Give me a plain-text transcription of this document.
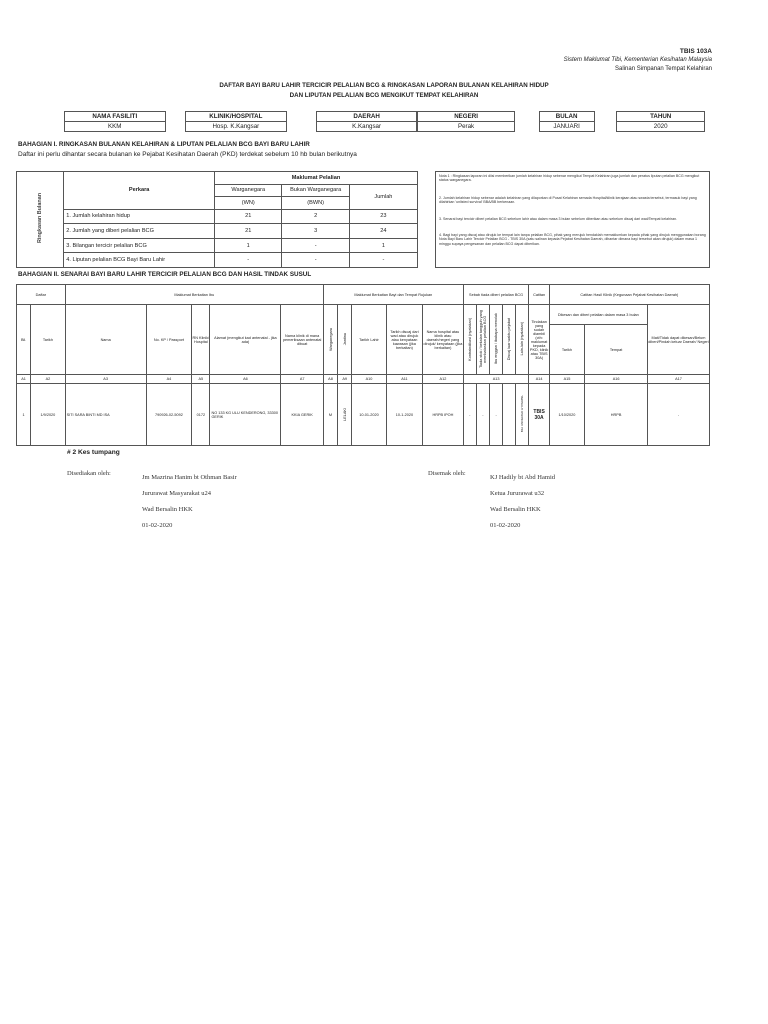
TBIS 103A
Sistem Maklumat Tibi, Kementerian Kesihatan Malaysia
Salinan Simpanan Tempat Kelahiran
DAFTAR BAYI BARU LAHIR TERCICIR PELALIAN BCG & RINGKASAN LAPORAN BULANAN KELAHIRAN HIDUP
DAN LIPUTAN PELALIAN BCG MENGIKUT TEMPAT KELAHIRAN
NAMA FASILITI		KLINIK/HOSPITAL		DAERAH		NEGERI		BULAN		TAHUN
KKM		Hosp. K.Kangsar		K.Kangsar		Perak		JANUARI		2020
BAHAGIAN I. RINGKASAN BULANAN KELAHIRAN & LIPUTAN PELALIAN BCG BAYI BARU LAHIR
Daftar ini perlu dihantar secara bulanan ke Pejabat Kesihatan Daerah (PKD) terdekat sebelum 10 hb bulan berikutnya
Ringkasan Bulanan	Perkara	Maklumat Pelalian		
		Warganegara	Bukan Warganegara	Jumlah
		(WN)	(BWN)	
	1. Jumlah kelahiran hidup	21	2	23
	2. Jumlah yang diberi pelalian BCG	21	3	24
	3. Bilangan tercicir pelalian BCG	1	-	1
	4. Liputan pelalian BCG Bayi Baru Lahir	-	-	-
Nota 1 : Ringkasan laporan ini diisi memberikan jumlah kelahiran hidup sebenar mengikut Tempat Kelahiran juga jumlah dan peratus liputan pelalian BCG mengikut status warganegara.
2. Jumlah kelahiran hidup sebenar adalah kelahiran yang dilaporkan di Pusat Kelahiran semada Hospital/klinik kerajaan atau swasta tersebut, termasuk bayi yang dilahirkan 'unlisted survival' BBA/BB berkenaan.
3. Senarai bayi tercicir diberi pelalian BCG sebelum lahir atau dalam masa 3 bulan sebelum diberikan atau sebelum discaj dari wad/Tempat kelahiran.
4. Bagi bayi yang discaj atau dirujuk ke tempat lain tanpa pelalian BCG, pihak yang merujuk hendaklah memaklumkan kepada pihak yang dirujuk menggunakan borang Nota Bayi Baru Lahir Tercicir Pelalian BCG - TBIS 30A (satu salinan kepada Pejabat Kesihatan Daerah, dihantar dimana bayi tersebut akan dirujuk) dalam masa 1 minggu supaya pengesanan dan pelalian BCG dapat diberikan.
BAHAGIAN II. SENARAI BAYI BARU LAHIR TERCICIR PELALIAN BCG DAN HASIL TINDAK SUSUL
Daftar		Maklumat Berkaitan Ibu					Maklumat Berkaitan Bayi dan Tempat Rujukan					Sebab tiada diberi pelalian BCG					Catitan	Catitan Hasil Klinik (Kegunaan Pejabat Kesihatan Daerah)		
Bil.	Tarikh	Nama	No. KP / Passport	RN Klinik/ Hospital	Alamat (mengikut kad antenatal - jika ada)	Nama klinik di mana pemeriksaan antenatal dibuat	Warganegara	Jantina	Tarikh Lahir	Tarikh discaj dari wad atau dirujuk atau kenyataan kawasan (jika berkaitan)	Nama hospital atau klinik atau daerah/negeri yang dirujuk/ kenyataan (jika berkaitan)	Kontraindikasi (nyatakan)	Tiada stok / bekalan tangguh yang membataskan pelalian BCG	Ibu enggan / ibubapa menolak	Discaj luar waktu pejabat	Lain-lain (nyatakan)	Tindakan yang sudah diambil (cth: maklumat kepada PKD, klinik atau TBIS 30A)	Dikesan dan diberi pelalian dalam masa 3 bulan		Mati/Tidak dapat dikesan/Belum diberi/Pindah keluar Daerah/ Negeri
																		Tarikh	Tempat	
A1	A2	A3	A4	A5	A6	A7	A8	A9	A10	A11	A12	A13					A14	A15	A16	A17
1	1/9/2020	SITI SARA BINTI MD ISA	790926-02-5092	0172	NO 133 KG ULU KENDERONG, 33300 GERIK	KKIA GERIK	M	LELAKI	10-01-2020	10-1-2020	HRPB IPOH	-	-	-		BILI UNDERGO HYPERBIL	TBIS 30A	1/10/2020	HRPB	-
# 2 Kes tumpang
Disediakan oleh:
Jm Mazrina Hanim bt Othman Basir
Jururawat Masyarakat u24
Wad Bersalin HKK
01-02-2020
Disemak oleh:
KJ Hadily bt Abd Hamid
Ketua Jururawat u32
Wad Bersalin HKK
01-02-2020
